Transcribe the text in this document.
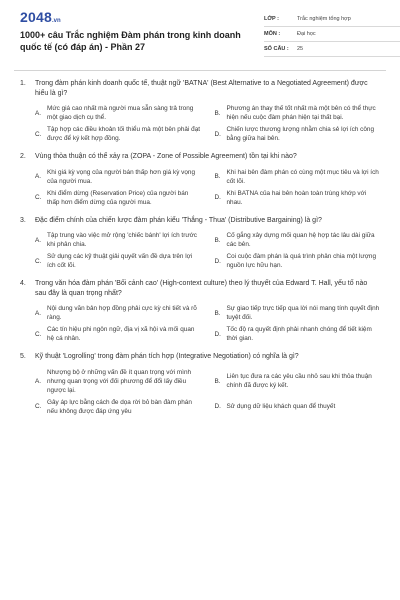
2048.vn
1000+ câu Trắc nghiệm Đàm phán trong kinh doanh quốc tế (có đáp án) - Phần 27
LỚP :	Trắc nghiệm tổng hợp
MÔN :	Đại học
SỐ CÂU :	25
1.	Trong đàm phán kinh doanh quốc tế, thuật ngữ 'BATNA' (Best Alternative to a Negotiated Agreement) được hiểu là gì?
A.
Mức giá cao nhất mà người mua sẵn sàng trả trong một giao dịch cụ thể.
B.
Phương án thay thế tốt nhất mà một bên có thể thực hiện nếu cuộc đàm phán hiện tại thất bại.
C.
Tập hợp các điều khoản tối thiểu mà một bên phải đạt được để ký kết hợp đồng.
D.
Chiến lược thương lượng nhằm chia sẻ lợi ích công bằng giữa hai bên.
2.	Vùng thỏa thuận có thể xảy ra (ZOPA - Zone of Possible Agreement) tồn tại khi nào?
A.
Khi giá kỳ vọng của người bán thấp hơn giá kỳ vọng của người mua.
B.
Khi hai bên đàm phán có cùng một mục tiêu và lợi ích cốt lõi.
C.
Khi điểm dừng (Reservation Price) của người bán thấp hơn điểm dừng của người mua.
D.
Khi BATNA của hai bên hoàn toàn trùng khớp với nhau.
3.	Đặc điểm chính của chiến lược đàm phán kiểu 'Thắng - Thua' (Distributive Bargaining) là gì?
A.
Tập trung vào việc mở rộng 'chiếc bánh' lợi ích trước khi phân chia.
B.
Cố gắng xây dựng mối quan hệ hợp tác lâu dài giữa các bên.
C.
Sử dụng các kỹ thuật giải quyết vấn đề dựa trên lợi ích cốt lõi.
D.
Coi cuộc đàm phán là quá trình phân chia một lượng nguồn lực hữu hạn.
4.	Trong văn hóa đàm phán 'Bối cảnh cao' (High-context culture) theo lý thuyết của Edward T. Hall, yếu tố nào sau đây là quan trọng nhất?
A.
Nội dung văn bản hợp đồng phải cực kỳ chi tiết và rõ ràng.
B.
Sự giao tiếp trực tiếp qua lời nói mang tính quyết định tuyệt đối.
C.
Các tín hiệu phi ngôn ngữ, địa vị xã hội và mối quan hệ cá nhân.
D.
Tốc độ ra quyết định phải nhanh chóng để tiết kiệm thời gian.
5.	Kỹ thuật 'Logrolling' trong đàm phán tích hợp (Integrative Negotiation) có nghĩa là gì?
A.
Nhượng bộ ở những vấn đề ít quan trọng với mình nhưng quan trọng với đối phương để đổi lấy điều ngược lại.
B.
Liên tục đưa ra các yêu cầu nhỏ sau khi thỏa thuận chính đã được ký kết.
C.
Gây áp lực bằng cách đe dọa rời bỏ bàn đàm phán nếu không được đáp ứng yêu
D. Sử dụng dữ liệu khách quan để thuyết
